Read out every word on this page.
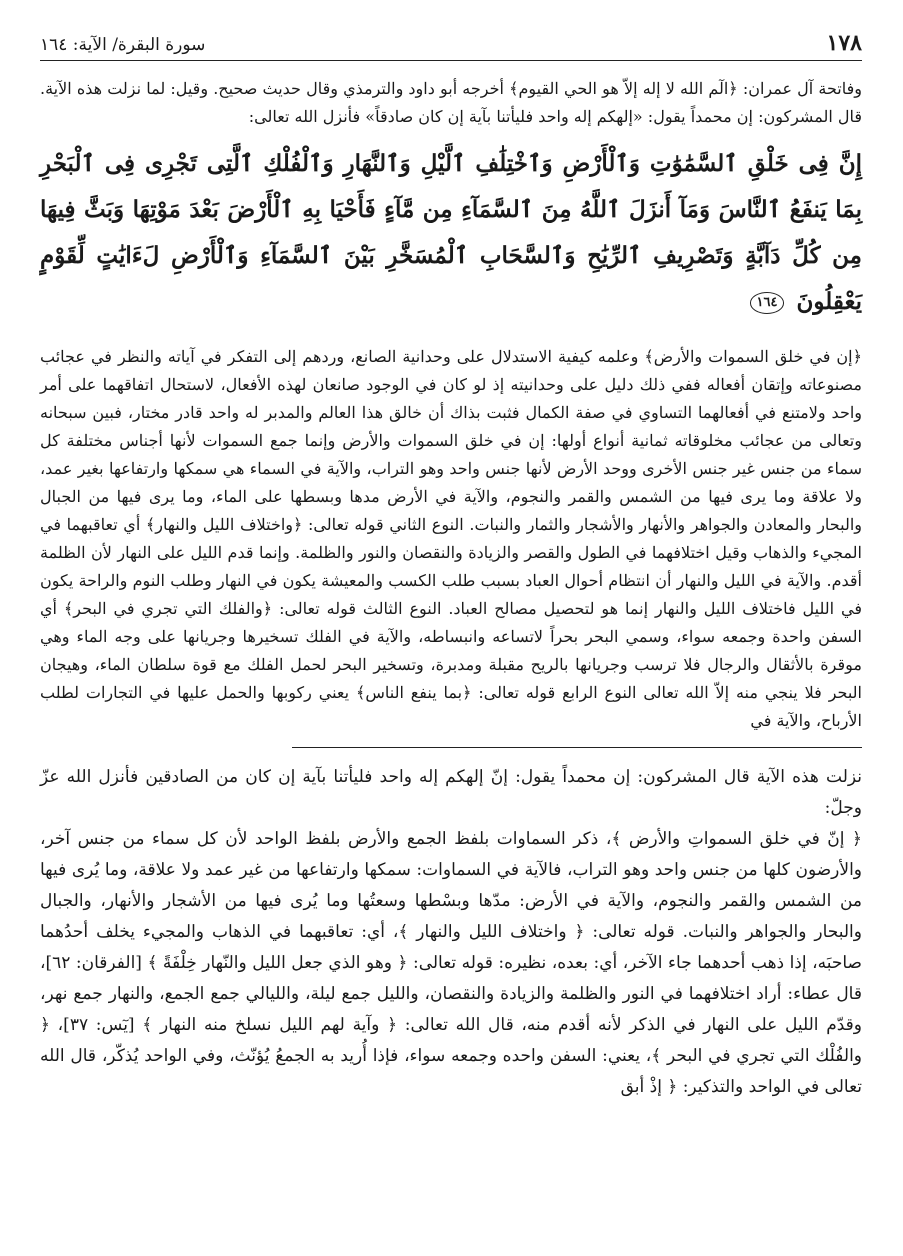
١٧٨
سورة البقرة/ الآية: ١٦٤

وفاتحة آل عمران: ﴿الٓم الله لا إله إلاّ هو الحي القيوم﴾ أخرجه أبو داود والترمذي وقال حديث صحيح. وقيل: لما نزلت هذه الآية. قال المشركون: إن محمداً يقول: «إلهكم إله واحد فليأتنا بآية إن كان صادقاً» فأنزل الله تعالى:

إِنَّ فِى خَلْقِ ٱلسَّمَٰوَٰتِ وَٱلْأَرْضِ وَٱخْتِلَٰفِ ٱلَّيْلِ وَٱلنَّهَارِ وَٱلْفُلْكِ ٱلَّتِى تَجْرِى فِى ٱلْبَحْرِ بِمَا يَنفَعُ ٱلنَّاسَ وَمَآ أَنزَلَ ٱللَّهُ مِنَ ٱلسَّمَآءِ مِن مَّآءٍ فَأَحْيَا بِهِ ٱلْأَرْضَ بَعْدَ مَوْتِهَا وَبَثَّ فِيهَا مِن كُلِّ دَآبَّةٍ وَتَصْرِيفِ ٱلرِّيَٰحِ وَٱلسَّحَابِ ٱلْمُسَخَّرِ بَيْنَ ٱلسَّمَآءِ وَٱلْأَرْضِ لَءَايَٰتٍ لِّقَوْمٍ يَعْقِلُونَ ١٦٤

﴿إن في خلق السموات والأرض﴾ وعلمه كيفية الاستدلال على وحدانية الصانع، وردهم إلى التفكر في آياته والنظر في عجائب مصنوعاته وإتقان أفعاله ففي ذلك دليل على وحدانيته إذ لو كان في الوجود صانعان لهذه الأفعال، لاستحال اتفاقهما على أمر واحد ولامتنع في أفعالهما التساوي في صفة الكمال فثبت بذاك أن خالق هذا العالم والمدبر له واحد قادر مختار، فبين سبحانه وتعالى من عجائب مخلوقاته ثمانية أنواع أولها: إن في خلق السموات والأرض وإنما جمع السموات لأنها أجناس مختلفة كل سماء من جنس غير جنس الأخرى ووحد الأرض لأنها جنس واحد وهو التراب، والآية في السماء هي سمكها وارتفاعها بغير عمد، ولا علاقة وما يرى فيها من الشمس والقمر والنجوم، والآية في الأرض مدها وبسطها على الماء، وما يرى فيها من الجبال والبحار والمعادن والجواهر والأنهار والأشجار والثمار والنبات. النوع الثاني قوله تعالى: ﴿واختلاف الليل والنهار﴾ أي تعاقبهما في المجيء والذهاب وقيل اختلافهما في الطول والقصر والزيادة والنقصان والنور والظلمة. وإنما قدم الليل على النهار لأن الظلمة أقدم. والآية في الليل والنهار أن انتظام أحوال العباد بسبب طلب الكسب والمعيشة يكون في النهار وطلب النوم والراحة يكون في الليل فاختلاف الليل والنهار إنما هو لتحصيل مصالح العباد. النوع الثالث قوله تعالى: ﴿والفلك التي تجري في البحر﴾ أي السفن واحدة وجمعه سواء، وسمي البحر بحراً لاتساعه وانبساطه، والآية في الفلك تسخيرها وجريانها على وجه الماء وهي موقرة بالأثقال والرجال فلا ترسب وجريانها بالريح مقبلة ومدبرة، وتسخير البحر لحمل الفلك مع قوة سلطان الماء، وهيجان البحر فلا ينجي منه إلاّ الله تعالى النوع الرابع قوله تعالى: ﴿بما ينفع الناس﴾ يعني ركوبها والحمل عليها في التجارات لطلب الأرباح، والآية في

نزلت هذه الآية قال المشركون: إن محمداً يقول: إنّ إلهكم إله واحد فليأتنا بآية إن كان من الصادقين فأنزل الله عزّ وجلّ:

﴿ إنّ في خلق السمواتِ والأرض ﴾، ذكر السماوات بلفظ الجمع والأرض بلفظ الواحد لأن كل سماء من جنس آخر، والأرضون كلها من جنس واحد وهو التراب، فالآية في السماوات: سمكها وارتفاعها من غير عمد ولا علاقة، وما يُرى فيها من الشمس والقمر والنجوم، والآية في الأرض: مدّها وبسْطها وسعتُها وما يُرى فيها من الأشجار والأنهار، والجبال والبحار والجواهر والنبات. قوله تعالى: ﴿ واختلاف الليل والنهار ﴾، أي: تعاقبهما في الذهاب والمجيء يخلف أحدُهما صاحبَه، إذا ذهب أحدهما جاء الآخر، أي: بعده، نظيره: قوله تعالى: ﴿ وهو الذي جعل الليل والنّهار خِلْفَةً ﴾ [الفرقان: ٦٢]، قال عطاء: أراد اختلافهما في النور والظلمة والزيادة والنقصان، والليل جمع ليلة، والليالي جمع الجمع، والنهار جمع نهر، وقدّم الليل على النهار في الذكر لأنه أقدم منه، قال الله تعالى: ﴿ وآية لهم الليل نسلخ منه النهار ﴾ [يٓس: ٣٧]، ﴿ والفُلْك التي تجري في البحر ﴾، يعني: السفن واحده وجمعه سواء، فإذا أُريد به الجمعُ يُؤنّث، وفي الواحد يُذكّر، قال الله تعالى في الواحد والتذكير: ﴿ إذْ أبق
